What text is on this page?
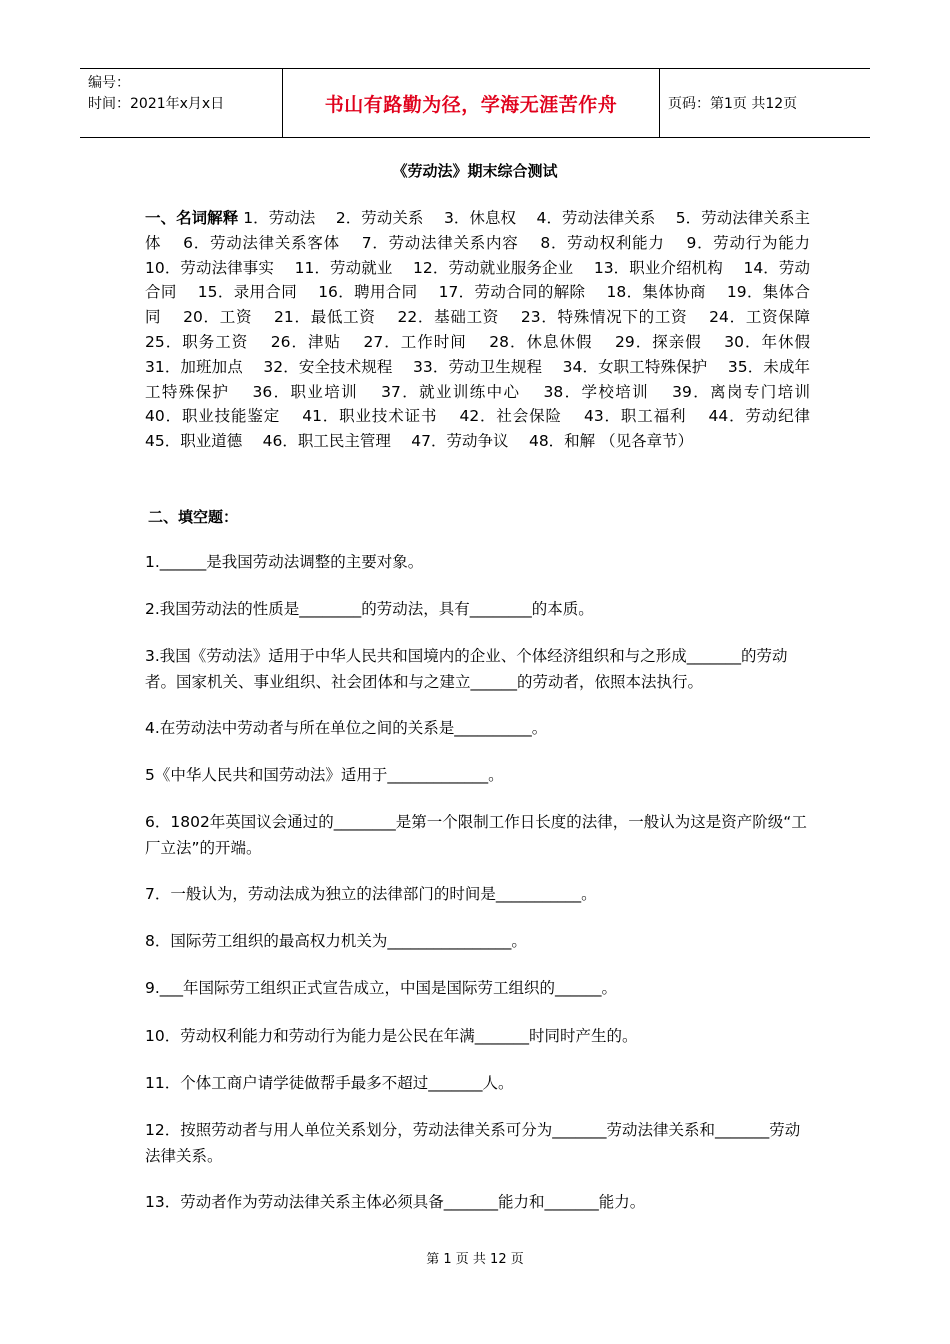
编号：
时间：2021年x月x日	书山有路勤为径，学海无涯苦作舟	页码：第1页 共12页
《劳动法》期末综合测试
一、名词解释 1．劳动法　 2．劳动关系　 3．休息权　 4．劳动法律关系　 5．劳动法律关系主体　 6．劳动法律关系客体　 7．劳动法律关系内容　 8．劳动权利能力　 9．劳动行为能力　 10．劳动法律事实　 11．劳动就业　 12．劳动就业服务企业　 13．职业介绍机构　 14．劳动合同　 15．录用合同　 16．聘用合同　 17．劳动合同的解除　 18．集体协商　 19．集体合同　 20．工资　 21．最低工资　 22．基础工资　 23．特殊情况下的工资　 24．工资保障　 25．职务工资　 26．津贴　 27．工作时间　 28．休息休假　 29．探亲假　 30．年休假　 31．加班加点　 32．安全技术规程　 33．劳动卫生规程　 34．女职工特殊保护　 35．未成年工特殊保护　 36．职业培训　 37．就业训练中心　 38．学校培训　 39．离岗专门培训　 40．职业技能鉴定　 41．职业技术证书　 42．社会保险　 43．职工福利　 44．劳动纪律　 45．职业道德　 46．职工民主管理　 47．劳动争议　 48．和解 （见各章节）
二、填空题：
1.______是我国劳动法调整的主要对象。
2.我国劳动法的性质是________的劳动法，具有________的本质。
3.我国《劳动法》适用于中华人民共和国境内的企业、个体经济组织和与之形成_______的劳动者。国家机关、事业组织、社会团体和与之建立______的劳动者，依照本法执行。
4.在劳动法中劳动者与所在单位之间的关系是__________。
5《中华人民共和国劳动法》适用于_____________。
6．1802年英国议会通过的________是第一个限制工作日长度的法律，一般认为这是资产阶级“工厂立法”的开端。
7．一般认为，劳动法成为独立的法律部门的时间是___________。
8．国际劳工组织的最高权力机关为________________。
9.___年国际劳工组织正式宣告成立，中国是国际劳工组织的______。
10．劳动权利能力和劳动行为能力是公民在年满_______时同时产生的。
11．个体工商户请学徒做帮手最多不超过_______人。
12．按照劳动者与用人单位关系划分，劳动法律关系可分为_______劳动法律关系和_______劳动法律关系。
13．劳动者作为劳动法律关系主体必须具备_______能力和_______能力。
第 1 页 共 12 页
